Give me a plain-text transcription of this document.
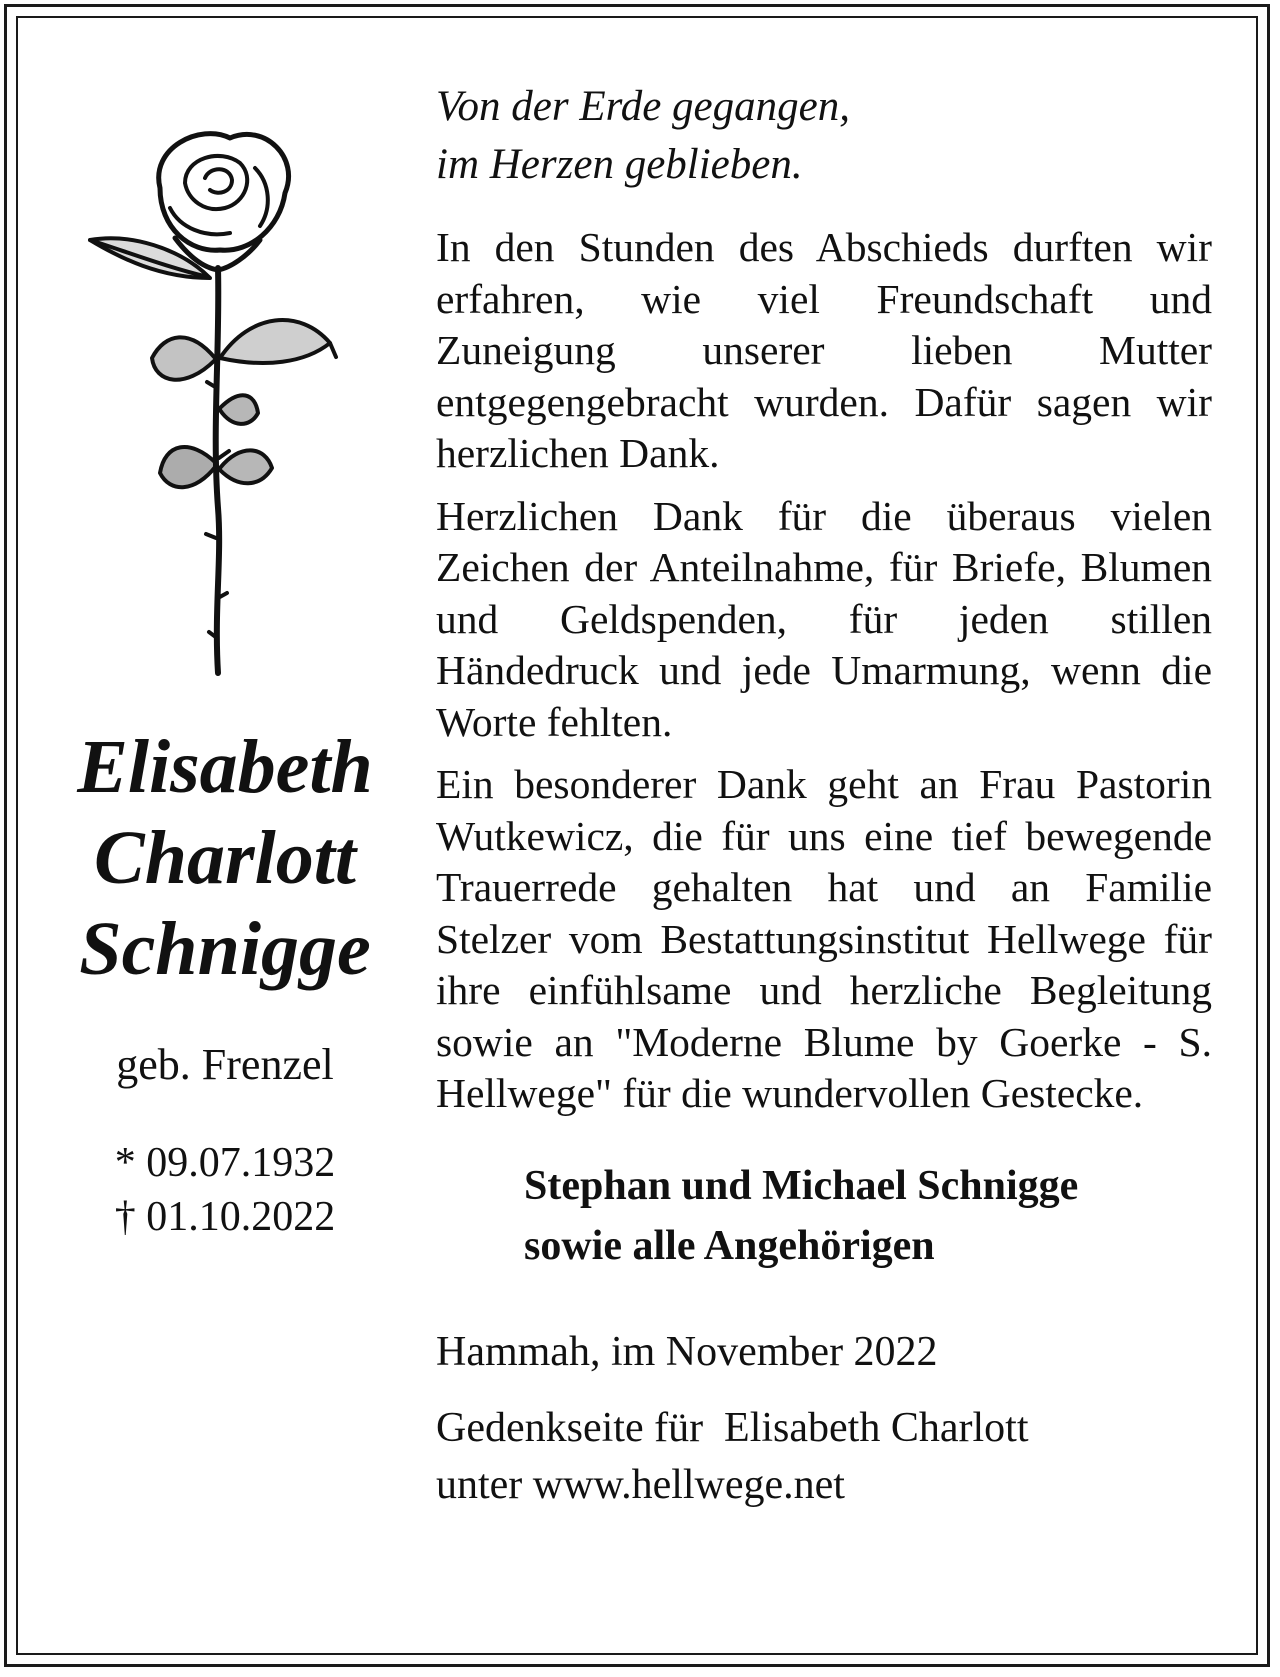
Elisabeth
Charlott
Schnigge
geb. Frenzel
* 09.07.1932
† 01.10.2022
Von der Erde gegangen,
im Herzen geblieben.

In den Stunden des Abschieds durften wir erfahren, wie viel Freundschaft und Zuneigung unserer lieben Mutter entgegengebracht wurden. Dafür sagen wir herzlichen Dank.

Herzlichen Dank für die überaus vielen Zeichen der Anteilnahme, für Briefe, Blumen und Geldspenden, für jeden stillen Händedruck und jede Umarmung, wenn die Worte fehlten.

Ein besonderer Dank geht an Frau Pastorin Wutkewicz, die für uns eine tief bewegende Trauerrede gehalten hat und an Familie Stelzer vom Bestattungsinstitut Hellwege für ihre einfühlsame und herzliche Begleitung sowie an "Moderne Blume by Goerke - S. Hellwege" für die wundervollen Gestecke.

Stephan und Michael Schnigge
sowie alle Angehörigen
Hammah, im November 2022
Gedenkseite für  Elisabeth Charlott
unter www.hellwege.net
